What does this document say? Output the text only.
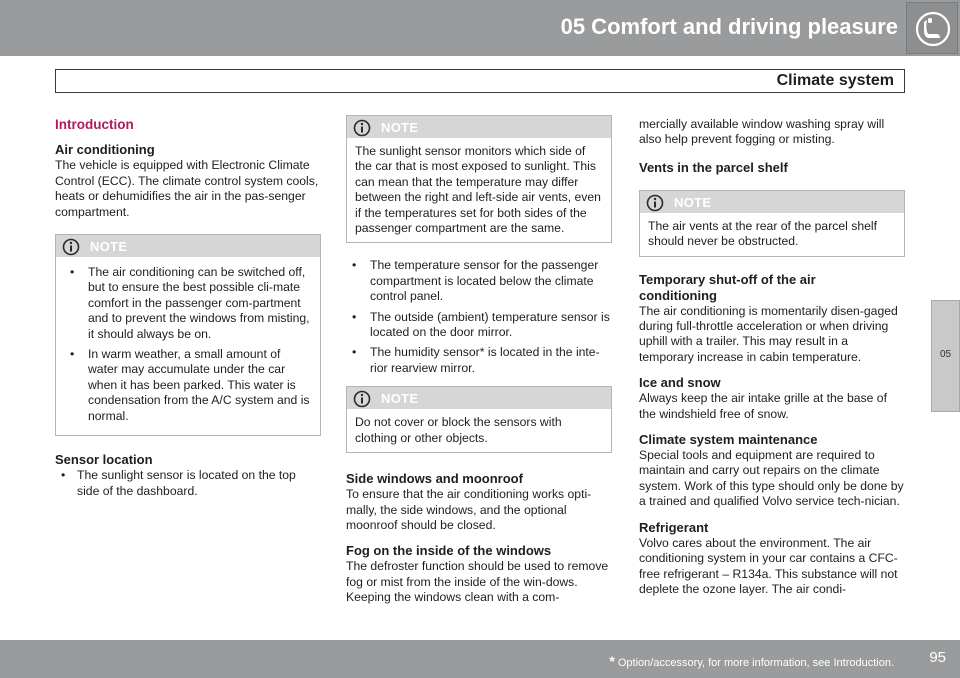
05 Comfort and driving pleasure
Climate system
05
Introduction
Air conditioning

The vehicle is equipped with Electronic Climate Control (ECC). The climate control system cools, heats or dehumidifies the air in the pas-senger compartment.

NOTE
• The air conditioning can be switched off, but to ensure the best possible cli-mate comfort in the passenger com-partment and to prevent the windows from misting, it should always be on.
• In warm weather, a small amount of water may accumulate under the car when it has been parked. This water is condensation from the A/C system and is normal.
Sensor location
• The sunlight sensor is located on the top side of the dashboard.
NOTE

The sunlight sensor monitors which side of the car that is most exposed to sunlight. This can mean that the temperature may differ between the right and left-side air vents, even if the temperatures set for both sides of the passenger compartment are the same.

• The temperature sensor for the passenger compartment is located below the climate control panel.
• The outside (ambient) temperature sensor is located on the door mirror.
• The humidity sensor* is located in the inte-rior rearview mirror.
NOTE

Do not cover or block the sensors with clothing or other objects.

Side windows and moonroof

To ensure that the air conditioning works opti-mally, the side windows, and the optional moonroof should be closed.

Fog on the inside of the windows

The defroster function should be used to remove fog or mist from the inside of the win-dows. Keeping the windows clean with a com-

mercially available window washing spray will also help prevent fogging or misting.

Vents in the parcel shelf
NOTE

The air vents at the rear of the parcel shelf should never be obstructed.

Temporary shut-off of the air conditioning

The air conditioning is momentarily disen-gaged during full-throttle acceleration or when driving uphill with a trailer. This may result in a temporary increase in cabin temperature.

Ice and snow

Always keep the air intake grille at the base of the windshield free of snow.

Climate system maintenance

Special tools and equipment are required to maintain and carry out repairs on the climate system. Work of this type should only be done by a trained and qualified Volvo service tech-nician.

Refrigerant

Volvo cares about the environment. The air conditioning system in your car contains a CFC-free refrigerant – R134a. This substance will not deplete the ozone layer. The air condi-

* Option/accessory, for more information, see Introduction. 95
